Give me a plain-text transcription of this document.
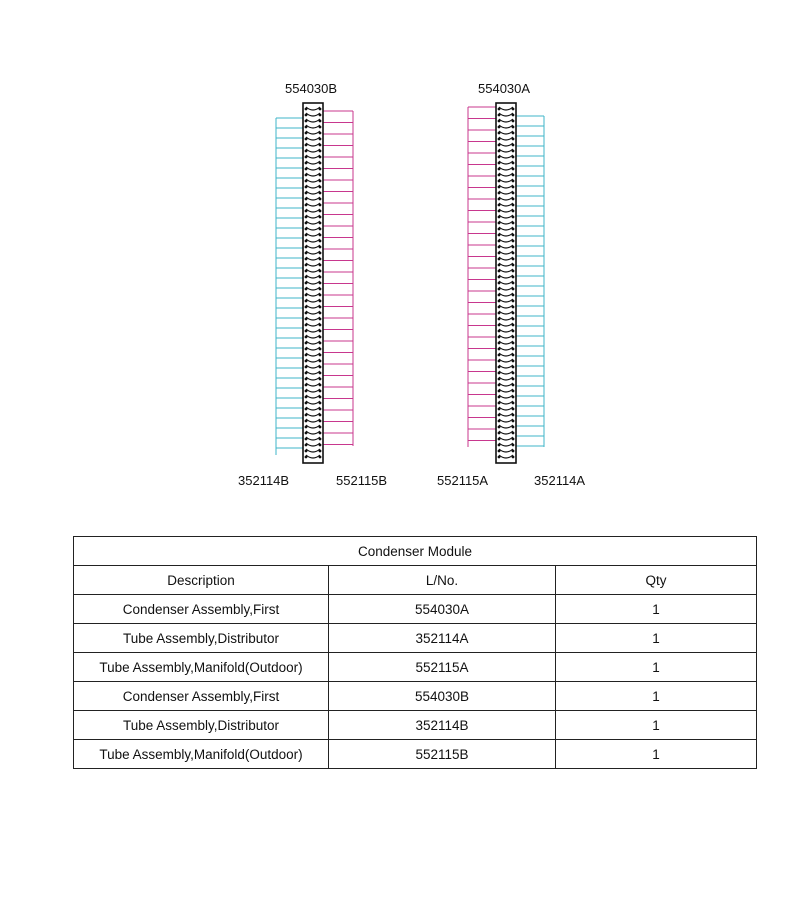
554030B	554030A
352114B	552115B	552115A	352114A
Condenser Module		
Description	L/No.	Qty
Condenser Assembly,First	554030A	1
Tube Assembly,Distributor	352114A	1
Tube Assembly,Manifold(Outdoor)	552115A	1
Condenser Assembly,First	554030B	1
Tube Assembly,Distributor	352114B	1
Tube Assembly,Manifold(Outdoor)	552115B	1
